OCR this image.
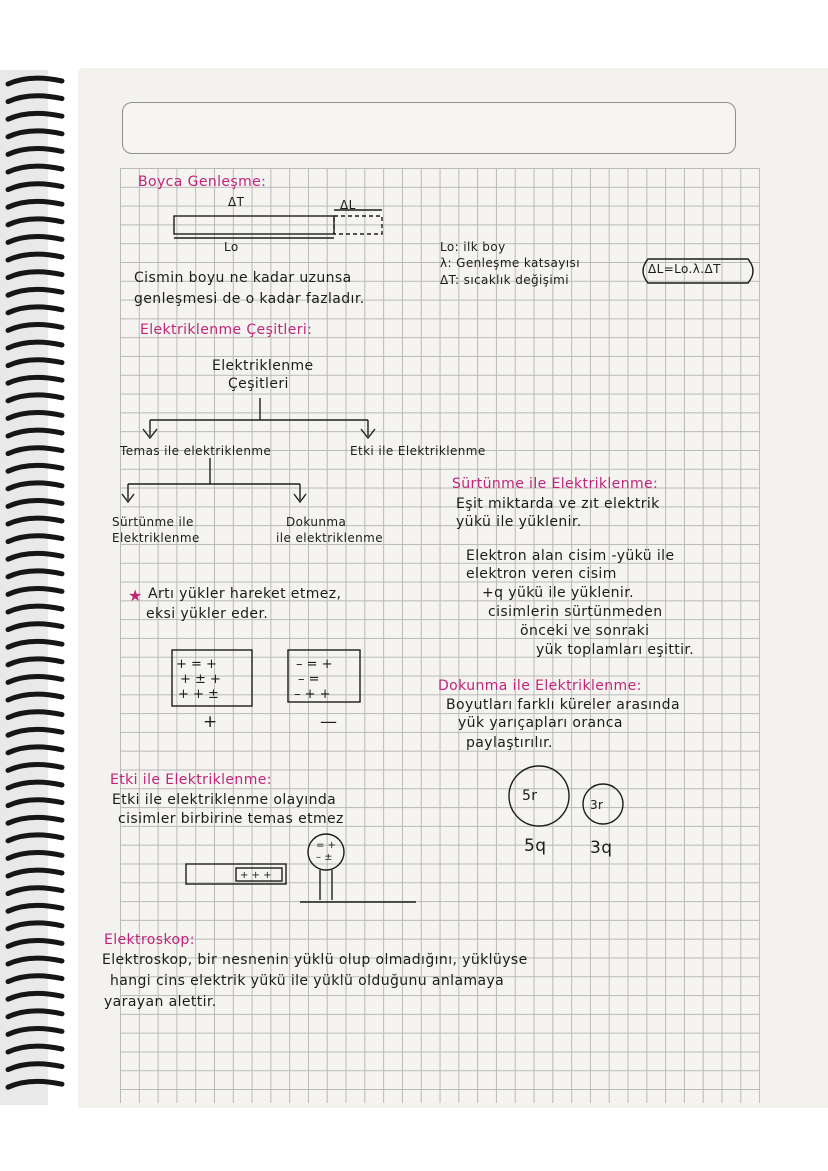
Boyca Genleşme:
ΔT	ΔL
Lo	Lo: ilk boy
λ: Genleşme katsayısı
ΔT: sıcaklık değişimi
ΔL=Lo.λ.ΔT
Cismin boyu ne kadar uzunsa
genleşmesi de o kadar fazladır.
Elektriklenme Çeşitleri:
Elektriklenme
Çeşitleri
Temas ile elektriklenme	Etki ile Elektriklenme
Sürtünme ile
Elektriklenme
Dokunma
ile elektriklenme
★ Artı yükler hareket etmez,
eksi yükler eder.
+ = +
+ ± +
+ + ±
– = +
– =
– + +
+	—
Sürtünme ile Elektriklenme:
Eşit miktarda ve zıt elektrik
yükü ile yüklenir.
Elektron alan cisim -yükü ile
elektron veren cisim
+q yükü ile yüklenir.
cisimlerin sürtünmeden
önceki ve sonraki
yük toplamları eşittir.
Dokunma ile Elektriklenme:
Boyutları farklı küreler arasında
yük yarıçapları oranca
paylaştırılır.
5r
3r
5q	3q
Etki ile Elektriklenme:
Etki ile elektriklenme olayında
cisimler birbirine temas etmez
+ + +
= +
– ±
Elektroskop:
Elektroskop, bir nesnenin yüklü olup olmadığını, yüklüyse
hangi cins elektrik yükü ile yüklü olduğunu anlamaya
yarayan alettir.
